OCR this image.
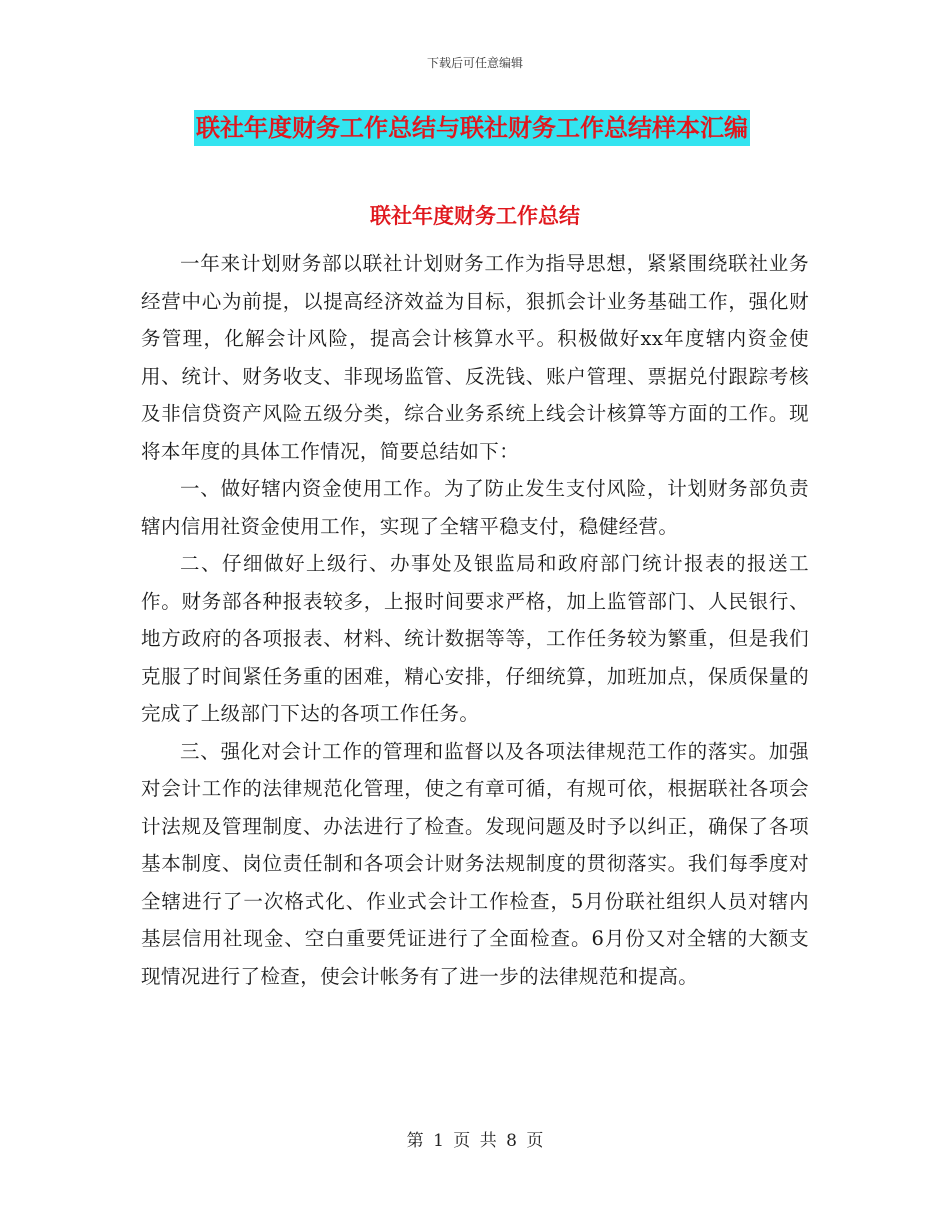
下载后可任意编辑
联社年度财务工作总结与联社财务工作总结样本汇编
联社年度财务工作总结

一年来计划财务部以联社计划财务工作为指导思想，紧紧围绕联社业务经营中心为前提，以提高经济效益为目标，狠抓会计业务基础工作，强化财务管理，化解会计风险，提高会计核算水平。积极做好xx年度辖内资金使用、统计、财务收支、非现场监管、反洗钱、账户管理、票据兑付跟踪考核及非信贷资产风险五级分类，综合业务系统上线会计核算等方面的工作。现将本年度的具体工作情况，简要总结如下：

一、做好辖内资金使用工作。为了防止发生支付风险，计划财务部负责辖内信用社资金使用工作，实现了全辖平稳支付，稳健经营。

二、仔细做好上级行、办事处及银监局和政府部门统计报表的报送工作。财务部各种报表较多，上报时间要求严格，加上监管部门、人民银行、地方政府的各项报表、材料、统计数据等等，工作任务较为繁重，但是我们克服了时间紧任务重的困难，精心安排，仔细统算，加班加点，保质保量的完成了上级部门下达的各项工作任务。

三、强化对会计工作的管理和监督以及各项法律规范工作的落实。加强对会计工作的法律规范化管理，使之有章可循，有规可依，根据联社各项会计法规及管理制度、办法进行了检查。发现问题及时予以纠正，确保了各项基本制度、岗位责任制和各项会计财务法规制度的贯彻落实。我们每季度对全辖进行了一次格式化、作业式会计工作检查，5月份联社组织人员对辖内基层信用社现金、空白重要凭证进行了全面检查。6月份又对全辖的大额支现情况进行了检查，使会计帐务有了进一步的法律规范和提高。

第 1 页 共 8 页
